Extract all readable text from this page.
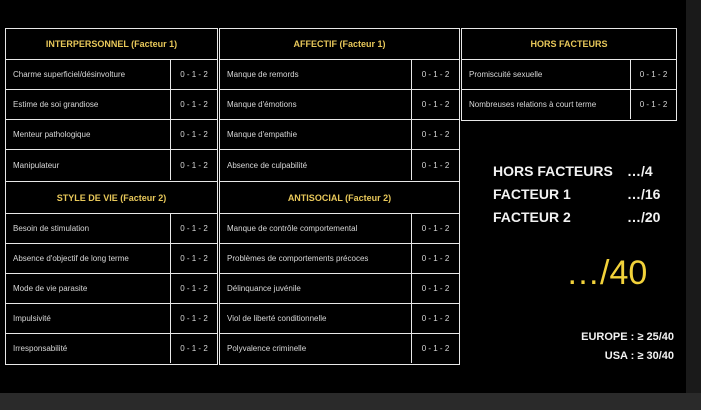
INTERPERSONNEL (Facteur 1)
Charme superficiel/désinvolture	0 - 1 - 2
Estime de soi grandiose	0 - 1 - 2
Menteur pathologique	0 - 1 - 2
Manipulateur	0 - 1 - 2
AFFECTIF (Facteur 1)
Manque de remords	0 - 1 - 2
Manque d'émotions	0 - 1 - 2
Manque d'empathie	0 - 1 - 2
Absence de culpabilité	0 - 1 - 2
HORS FACTEURS
Promiscuité sexuelle	0 - 1 - 2
Nombreuses relations à court terme	0 - 1 - 2
STYLE DE VIE (Facteur 2)
Besoin de stimulation	0 - 1 - 2
Absence d'objectif de long terme	0 - 1 - 2
Mode de vie parasite	0 - 1 - 2
Impulsivité	0 - 1 - 2
Irresponsabilité	0 - 1 - 2
ANTISOCIAL (Facteur 2)
Manque de contrôle comportemental	0 - 1 - 2
Problèmes de comportements précoces	0 - 1 - 2
Délinquance juvénile	0 - 1 - 2
Viol de liberté conditionnelle	0 - 1 - 2
Polyvalence criminelle	0 - 1 - 2
HORS FACTEURS …/4
FACTEUR 1	…/16
FACTEUR 2	…/20
…/40
EUROPE : ≥ 25/40
USA : ≥ 30/40
